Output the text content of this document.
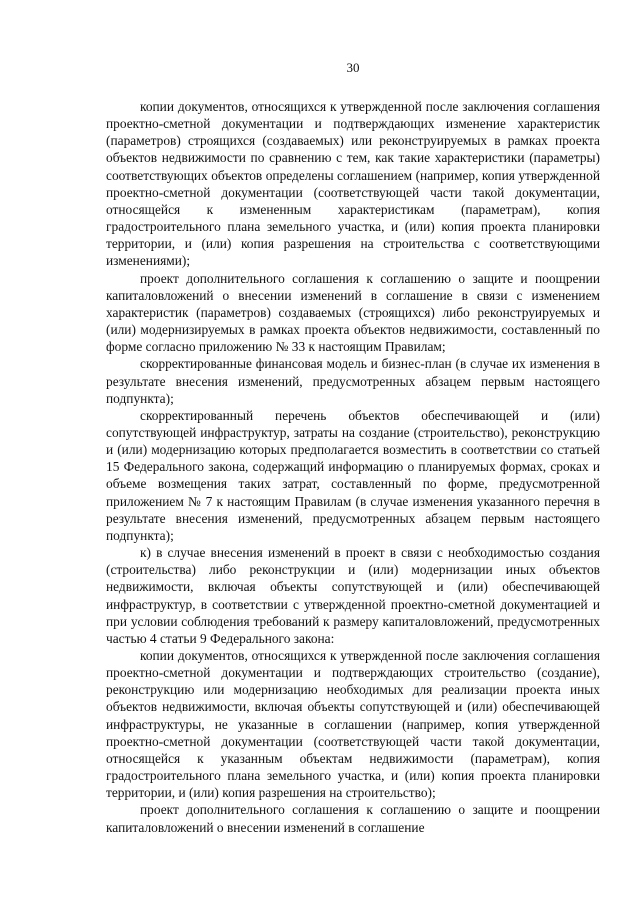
30

копии документов, относящихся к утвержденной после заключения соглашения проектно-сметной документации и подтверждающих изменение характеристик (параметров) строящихся (создаваемых) или реконструируемых в рамках проекта объектов недвижимости по сравнению с тем, как такие характеристики (параметры) соответствующих объектов определены соглашением (например, копия утвержденной проектно-сметной документации (соответствующей части такой документации, относящейся к измененным характеристикам (параметрам), копия градостроительного плана земельного участка, и (или) копия проекта планировки территории, и (или) копия разрешения на строительства с соответствующими изменениями);

проект дополнительного соглашения к соглашению о защите и поощрении капиталовложений о внесении изменений в соглашение в связи с изменением характеристик (параметров) создаваемых (строящихся) либо реконструируемых и (или) модернизируемых в рамках проекта объектов недвижимости, составленный по форме согласно приложению № 33 к настоящим Правилам;

скорректированные финансовая модель и бизнес-план (в случае их изменения в результате внесения изменений, предусмотренных абзацем первым настоящего подпункта);

скорректированный перечень объектов обеспечивающей и (или) сопутствующей инфраструктур, затраты на создание (строительство), реконструкцию и (или) модернизацию которых предполагается возместить в соответствии со статьей 15 Федерального закона, содержащий информацию о планируемых формах, сроках и объеме возмещения таких затрат, составленный по форме, предусмотренной приложением № 7 к настоящим Правилам (в случае изменения указанного перечня в результате внесения изменений, предусмотренных абзацем первым настоящего подпункта);

к) в случае внесения изменений в проект в связи с необходимостью создания (строительства) либо реконструкции и (или) модернизации иных объектов недвижимости, включая объекты сопутствующей и (или) обеспечивающей инфраструктур, в соответствии с утвержденной проектно-сметной документацией и при условии соблюдения требований к размеру капиталовложений, предусмотренных частью 4 статьи 9 Федерального закона:

копии документов, относящихся к утвержденной после заключения соглашения проектно-сметной документации и подтверждающих строительство (создание), реконструкцию или модернизацию необходимых для реализации проекта иных объектов недвижимости, включая объекты сопутствующей и (или) обеспечивающей инфраструктуры, не указанные в соглашении (например, копия утвержденной проектно-сметной документации (соответствующей части такой документации, относящейся к указанным объектам недвижимости (параметрам), копия градостроительного плана земельного участка, и (или) копия проекта планировки территории, и (или) копия разрешения на строительство);

проект дополнительного соглашения к соглашению о защите и поощрении капиталовложений о внесении изменений в соглашение
